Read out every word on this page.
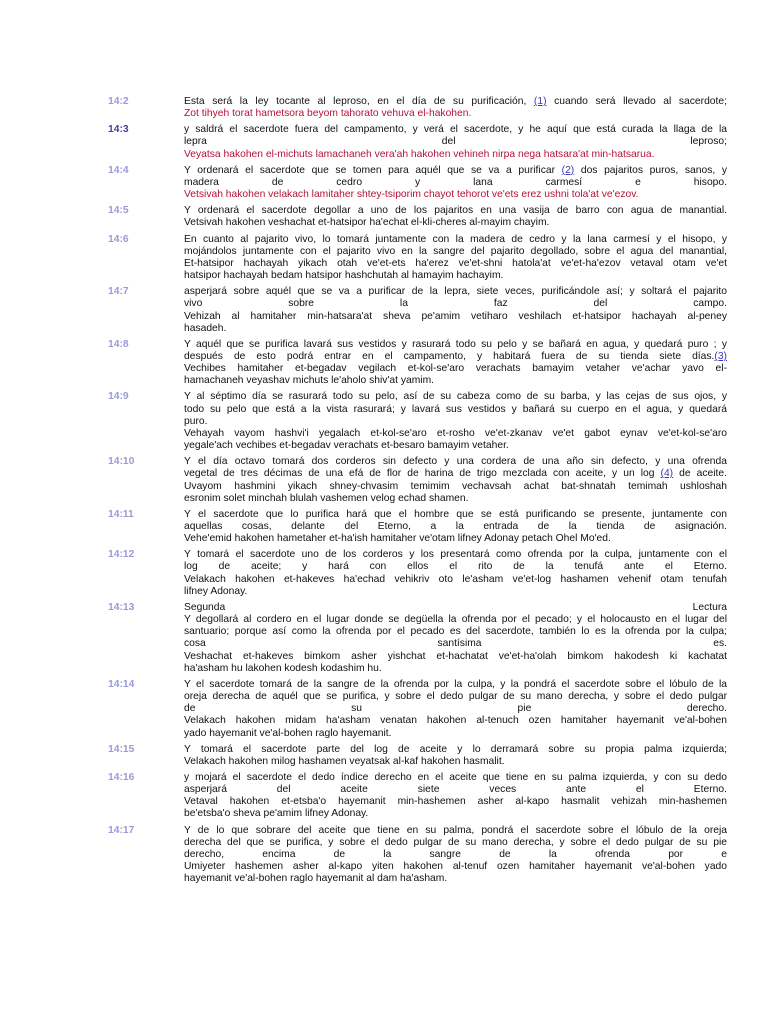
14:2	Esta será la ley tocante al leproso, en el día de su purificación, (1) cuando será llevado al sacerdote;
Zot tihyeh torat hametsora beyom tahorato vehuva el-hakohen.
14:3	y saldrá el sacerdote fuera del campamento, y verá el sacerdote, y he aquí que está curada la llaga de la
lepra	del	leproso;
Veyatsa hakohen el-michuts lamachaneh vera'ah hakohen vehineh nirpa nega hatsara'at min-hatsarua.
14:4	Y ordenará el sacerdote que se tomen para aquél que se va a purificar (2) dos pajaritos puros, sanos, y
madera de cedro y lana carmesí e hisopo.
Vetsivah hakohen velakach lamitaher shtey-tsiporim chayot tehorot ve'ets erez ushni tola'at ve'ezov.
14:5	Y ordenará el sacerdote degollar a uno de los pajaritos en una vasija de barro con agua de manantial.
Vetsivah hakohen veshachat et-hatsipor ha'echat el-kli-cheres al-mayim chayim.
14:6	En cuanto al pajarito vivo, lo tomará juntamente con la madera de cedro y la lana carmesí y el hisopo, y
mojándolos juntamente con el pajarito vivo en la sangre del pajarito degollado, sobre el agua del manantial,
Et-hatsipor hachayah yikach otah ve'et-ets ha'erez ve'et-shni hatola'at ve'et-ha'ezov vetaval otam ve'et
hatsipor hachayah bedam hatsipor hashchutah al hamayim hachayim.
14:7	asperjará sobre aquél que se va a purificar de la lepra, siete veces, purificándole así; y soltará el pajarito
vivo sobre la faz del campo.
Vehizah al hamitaher min-hatsara'at sheva pe'amim vetiharo veshilach et-hatsipor hachayah al-peney
hasadeh.
14:8	Y aquél que se purifica lavará sus vestidos y rasurará todo su pelo y se bañará en agua, y quedará puro ; y
después de esto podrá entrar en el campamento, y habitará fuera de su tienda siete días.(3)
Vechibes hamitaher et-begadav vegilach et-kol-se'aro verachats bamayim vetaher ve'achar yavo el-
hamachaneh veyashav michuts le'aholo shiv'at yamim.
14:9	Y al séptimo día se rasurará todo su pelo, así de su cabeza como de su barba, y las cejas de sus ojos, y
todo su pelo que está a la vista rasurará; y lavará sus vestidos y bañará su cuerpo en el agua, y quedará
puro.
Vehayah vayom hashvi'i yegalach et-kol-se'aro et-rosho ve'et-zkanav ve'et gabot eynav ve'et-kol-se'aro
yegale'ach vechibes et-begadav verachats et-besaro bamayim vetaher.
14:10	Y el día octavo tomará dos corderos sin defecto y una cordera de una año sin defecto, y una ofrenda
vegetal de tres décimas de una efá de flor de harina de trigo mezclada con aceite, y un log (4) de aceite.
Uvayom hashmini yikach shney-chvasim temimim vechavsah achat bat-shnatah temimah ushloshah
esronim solet minchah blulah vashemen velog echad shamen.
14:11	Y el sacerdote que lo purifica hará que el hombre que se está purificando se presente, juntamente con
aquellas cosas, delante del Eterno, a la entrada de la tienda de asignación.
Vehe'emid hakohen hametaher et-ha'ish hamitaher ve'otam lifney Adonay petach Ohel Mo'ed.
14:12	Y tomará el sacerdote uno de los corderos y los presentará como ofrenda por la culpa, juntamente con el
log de aceite; y hará con ellos el rito de la tenufá ante el Eterno.
Velakach hakohen et-hakeves ha'echad vehikriv oto le'asham ve'et-log hashamen vehenif otam tenufah
lifney Adonay.
14:13	Segunda	Lectura
Y degollará al cordero en el lugar donde se degüella la ofrenda por el pecado; y el holocausto en el lugar del
santuario; porque así como la ofrenda por el pecado es del sacerdote, también lo es la ofrenda por la culpa;
cosa santísima es.
Veshachat et-hakeves bimkom asher yishchat et-hachatat ve'et-ha'olah bimkom hakodesh ki kachatat
ha'asham hu lakohen kodesh kodashim hu.
14:14	Y el sacerdote tomará de la sangre de la ofrenda por la culpa, y la pondrá el sacerdote sobre el lóbulo de la
oreja derecha de aquél que se purifica, y sobre el dedo pulgar de su mano derecha, y sobre el dedo pulgar
de su pie derecho.
Velakach hakohen midam ha'asham venatan hakohen al-tenuch ozen hamitaher hayemanit ve'al-bohen
yado hayemanit ve'al-bohen raglo hayemanit.
14:15	Y tomará el sacerdote parte del log de aceite y lo derramará sobre su propia palma izquierda;
Velakach hakohen milog hashamen veyatsak al-kaf hakohen hasmalit.
14:16	y mojará el sacerdote el dedo índice derecho en el aceite que tiene en su palma izquierda, y con su dedo
asperjará del aceite siete veces ante el Eterno.
Vetaval hakohen et-etsba'o hayemanit min-hashemen asher al-kapo hasmalit vehizah min-hashemen
be'etsba'o sheva pe'amim lifney Adonay.
14:17	Y de lo que sobrare del aceite que tiene en su palma, pondrá el sacerdote sobre el lóbulo de la oreja
derecha del que se purifica, y sobre el dedo pulgar de su mano derecha, y sobre el dedo pulgar de su pie
derecho, encima de la sangre de la ofrenda por e
Umiyeter hashemen asher al-kapo yiten hakohen al-tenuf ozen hamitaher hayemanit ve'al-bohen yado
hayemanit ve'al-bohen raglo hayemanit al dam ha'asham.
